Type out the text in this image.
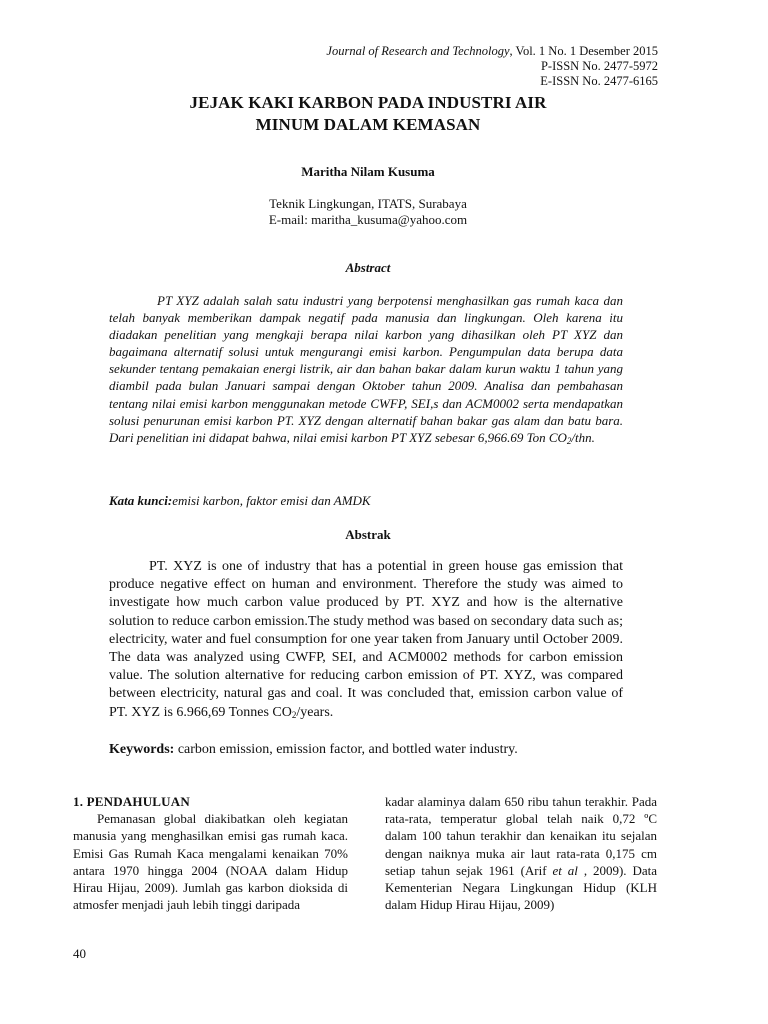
Journal of Research and Technology, Vol. 1 No. 1 Desember 2015
P-ISSN No. 2477-5972
E-ISSN No. 2477-6165
JEJAK KAKI KARBON PADA INDUSTRI AIR
MINUM DALAM KEMASAN
Maritha Nilam Kusuma
Teknik Lingkungan, ITATS, Surabaya
E-mail: maritha_kusuma@yahoo.com
Abstract

PT XYZ adalah salah satu industri yang berpotensi menghasilkan gas rumah kaca dan telah banyak memberikan dampak negatif pada manusia dan lingkungan. Oleh karena itu diadakan penelitian yang mengkaji berapa nilai karbon yang dihasilkan oleh PT XYZ dan bagaimana alternatif solusi untuk mengurangi emisi karbon. Pengumpulan data berupa data sekunder tentang pemakaian energi listrik, air dan bahan bakar dalam kurun waktu 1 tahun yang diambil pada bulan Januari sampai dengan Oktober tahun 2009. Analisa dan pembahasan tentang nilai emisi karbon menggunakan metode CWFP, SEI,s dan ACM0002 serta mendapatkan solusi penurunan emisi karbon PT. XYZ dengan alternatif bahan bakar gas alam dan batu bara. Dari penelitian ini didapat bahwa, nilai emisi karbon PT XYZ sebesar 6,966.69 Ton $CO_2$/thn.

Kata kunci:emisi karbon, faktor emisi dan AMDK
Abstrak

PT. XYZ is one of industry that has a potential in green house gas emission that produce negative effect on human and environment. Therefore the study was aimed to investigate how much carbon value produced by PT. XYZ and how is the alternative solution to reduce carbon emission.The study method was based on secondary data such as; electricity, water and fuel consumption for one year taken from January until October 2009. The data was analyzed using CWFP, SEI, and ACM0002 methods for carbon emission value. The solution alternative for reducing carbon emission of PT. XYZ, was compared between electricity, natural gas and coal. It was concluded that, emission carbon value of PT. XYZ is 6.966,69 Tonnes $CO_2$/years.

Keywords: carbon emission, emission factor, and bottled water industry.

1. PENDAHULUAN

Pemanasan global diakibatkan oleh kegiatan manusia yang menghasilkan emisi gas rumah kaca. Emisi Gas Rumah Kaca mengalami kenaikan 70% antara 1970 hingga 2004 (NOAA dalam Hidup Hirau Hijau, 2009). Jumlah gas karbon dioksida di atmosfer menjadi jauh lebih tinggi daripada

kadar alaminya dalam 650 ribu tahun terakhir. Pada rata-rata, temperatur global telah naik 0,72 ºC dalam 100 tahun terakhir dan kenaikan itu sejalan dengan naiknya muka air laut rata-rata 0,175 cm setiap tahun sejak 1961 (Arif et al , 2009). Data Kementerian Negara Lingkungan Hidup (KLH dalam Hidup Hirau Hijau, 2009)

40
